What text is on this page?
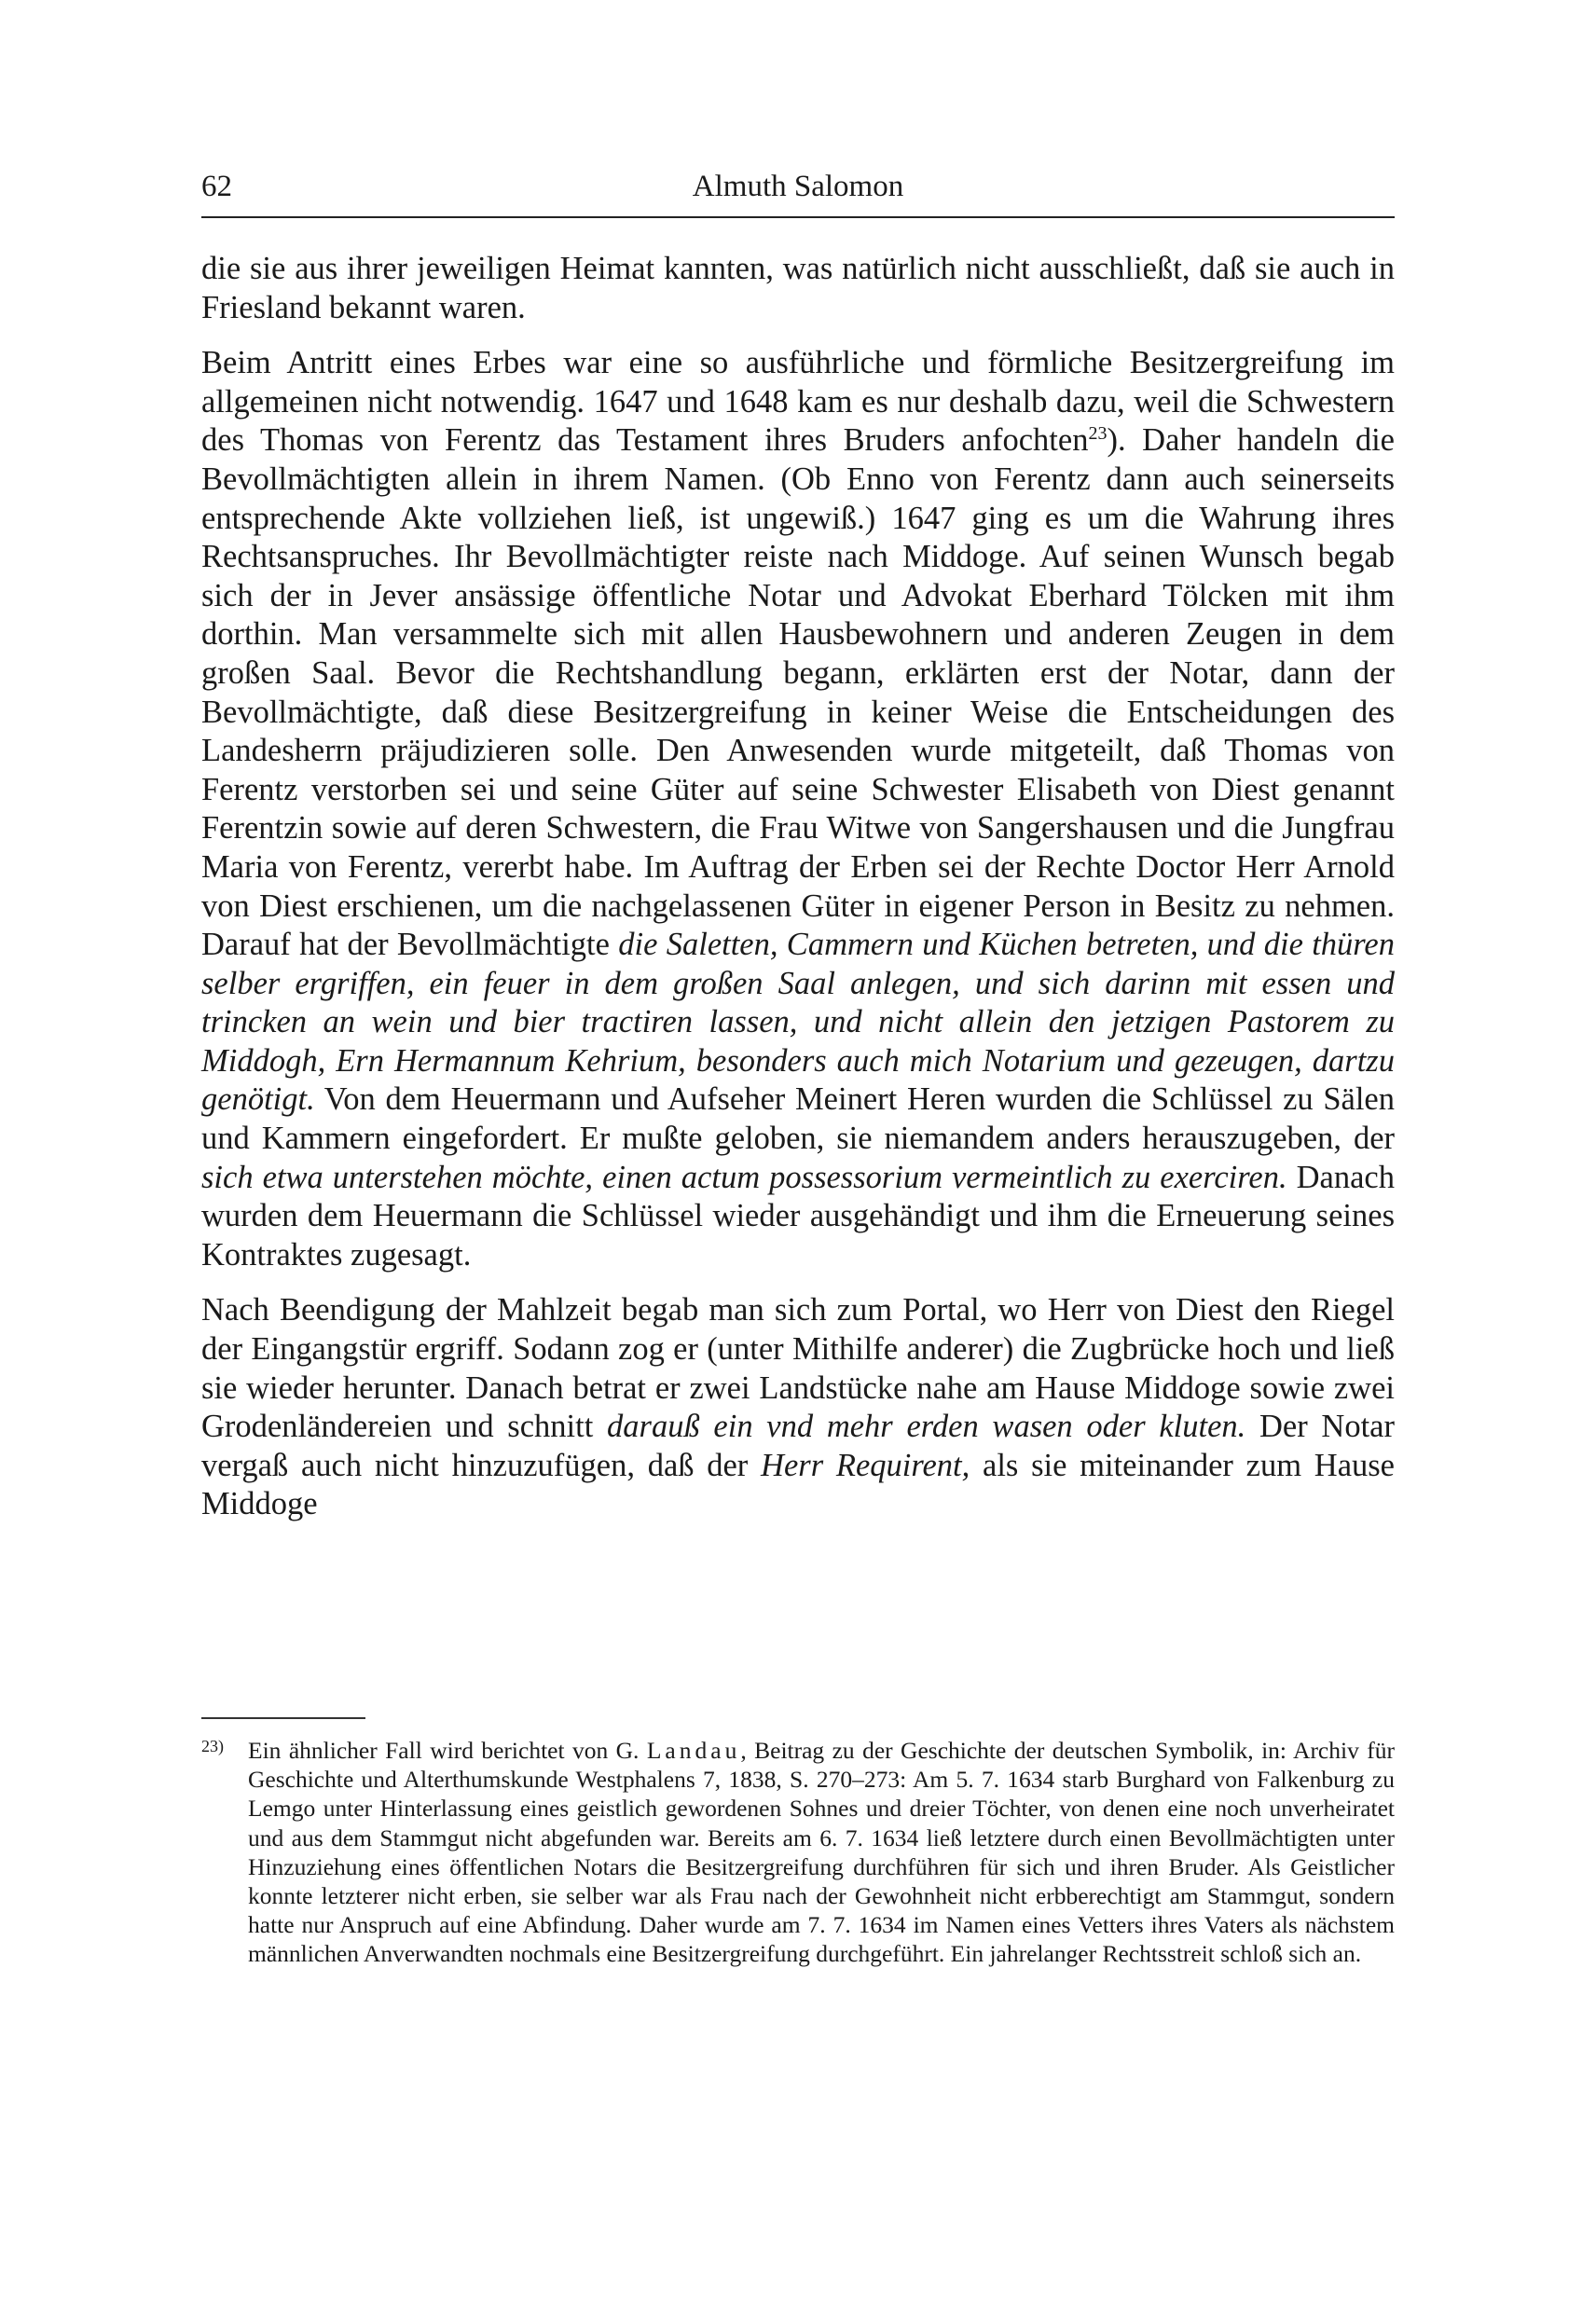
62	Almuth Salomon

die sie aus ihrer jeweiligen Heimat kannten, was natürlich nicht ausschließt, daß sie auch in Friesland bekannt waren.

Beim Antritt eines Erbes war eine so ausführliche und förmliche Besitzergreifung im allgemeinen nicht notwendig. 1647 und 1648 kam es nur deshalb dazu, weil die Schwestern des Thomas von Ferentz das Testament ihres Bruders anfochten$^{23}$). Daher handeln die Bevollmächtigten allein in ihrem Namen. (Ob Enno von Ferentz dann auch seinerseits entsprechende Akte vollziehen ließ, ist ungewiß.) 1647 ging es um die Wahrung ihres Rechtsanspruches. Ihr Bevollmächtigter reiste nach Middoge. Auf seinen Wunsch begab sich der in Jever ansässige öffentliche Notar und Advokat Eberhard Tölcken mit ihm dorthin. Man versammelte sich mit allen Hausbewohnern und anderen Zeugen in dem großen Saal. Bevor die Rechtshandlung begann, erklärten erst der Notar, dann der Bevollmächtigte, daß diese Besitzergreifung in keiner Weise die Entscheidungen des Landesherrn präjudizieren solle. Den Anwesenden wurde mitgeteilt, daß Thomas von Ferentz verstorben sei und seine Güter auf seine Schwester Elisabeth von Diest genannt Ferentzin sowie auf deren Schwestern, die Frau Witwe von Sangershausen und die Jungfrau Maria von Ferentz, vererbt habe. Im Auftrag der Erben sei der Rechte Doctor Herr Arnold von Diest erschienen, um die nachgelassenen Güter in eigener Person in Besitz zu nehmen. Darauf hat der Bevollmächtigte die Saletten, Cammern und Küchen betreten, und die thüren selber ergriffen, ein feuer in dem großen Saal anlegen, und sich darinn mit essen und trincken an wein und bier tractiren lassen, und nicht allein den jetzigen Pastorem zu Middogh, Ern Hermannum Kehrium, besonders auch mich Notarium und gezeugen, dartzu genötigt. Von dem Heuermann und Aufseher Meinert Heren wurden die Schlüssel zu Sälen und Kammern eingefordert. Er mußte geloben, sie niemandem anders herauszugeben, der sich etwa unterstehen möchte, einen actum possessorium vermeintlich zu exerciren. Danach wurden dem Heuermann die Schlüssel wieder ausgehändigt und ihm die Erneuerung seines Kontraktes zugesagt.

Nach Beendigung der Mahlzeit begab man sich zum Portal, wo Herr von Diest den Riegel der Eingangstür ergriff. Sodann zog er (unter Mithilfe anderer) die Zugbrücke hoch und ließ sie wieder herunter. Danach betrat er zwei Landstücke nahe am Hause Middoge sowie zwei Grodenländereien und schnitt darauß ein vnd mehr erden wasen oder kluten. Der Notar vergaß auch nicht hinzuzufügen, daß der Herr Requirent, als sie miteinander zum Hause Middoge

23) Ein ähnlicher Fall wird berichtet von G. Landau, Beitrag zu der Geschichte der deutschen Symbolik, in: Archiv für Geschichte und Alterthumskunde Westphalens 7, 1838, S. 270–273: Am 5. 7. 1634 starb Burghard von Falkenburg zu Lemgo unter Hinterlassung eines geistlich gewordenen Sohnes und dreier Töchter, von denen eine noch unverheiratet und aus dem Stammgut nicht abgefunden war. Bereits am 6. 7. 1634 ließ letztere durch einen Bevollmächtigten unter Hinzuziehung eines öffentlichen Notars die Besitzergreifung durchführen für sich und ihren Bruder. Als Geistlicher konnte letzterer nicht erben, sie selber war als Frau nach der Gewohnheit nicht erbberechtigt am Stammgut, sondern hatte nur Anspruch auf eine Abfindung. Daher wurde am 7. 7. 1634 im Namen eines Vetters ihres Vaters als nächstem männlichen Anverwandten nochmals eine Besitzergreifung durchgeführt. Ein jahrelanger Rechtsstreit schloß sich an.
